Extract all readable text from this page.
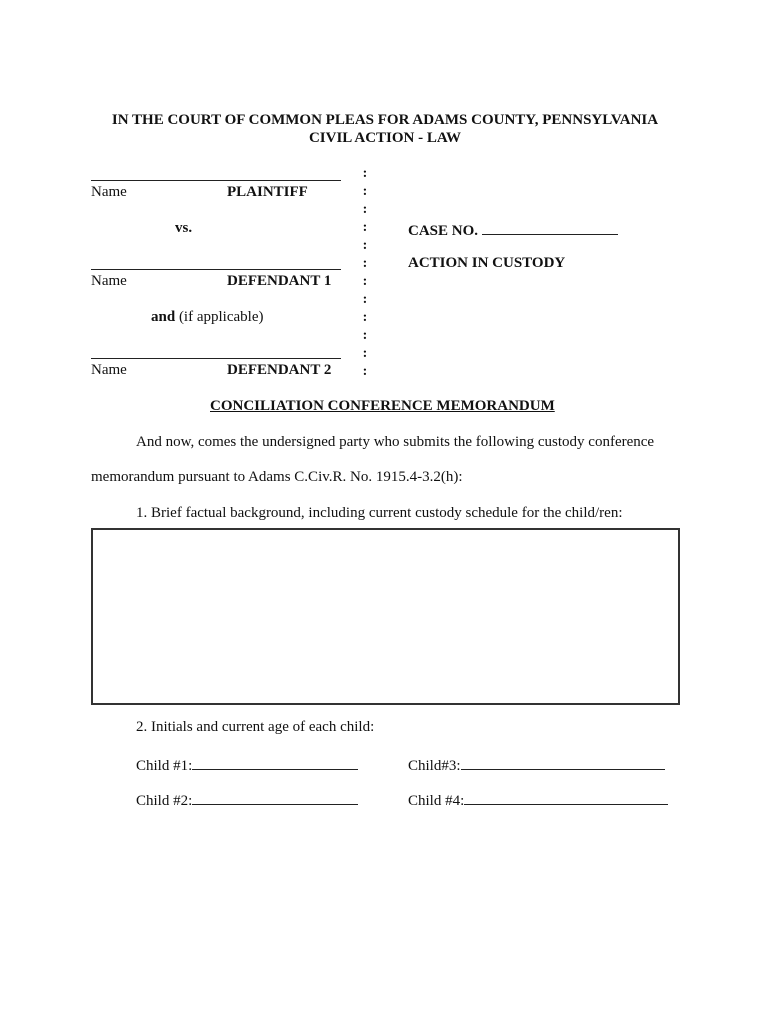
IN THE COURT OF COMMON PLEAS FOR ADAMS COUNTY, PENNSYLVANIA
CIVIL ACTION - LAW
Name	PLAINTIFF
vs.
Name	DEFENDANT 1
and (if applicable)
Name	DEFENDANT 2
:
:
:
:
:
:
:
:
:
:
:
:
CASE NO.
ACTION IN CUSTODY
CONCILIATION CONFERENCE MEMORANDUM
And now, comes the undersigned party who submits the following custody conference
memorandum pursuant to Adams C.Civ.R. No. 1915.4-3.2(h):
1. Brief factual background, including current custody schedule for the child/ren:
2. Initials and current age of each child:
Child #1:	Child#3:
Child #2:	Child #4:
